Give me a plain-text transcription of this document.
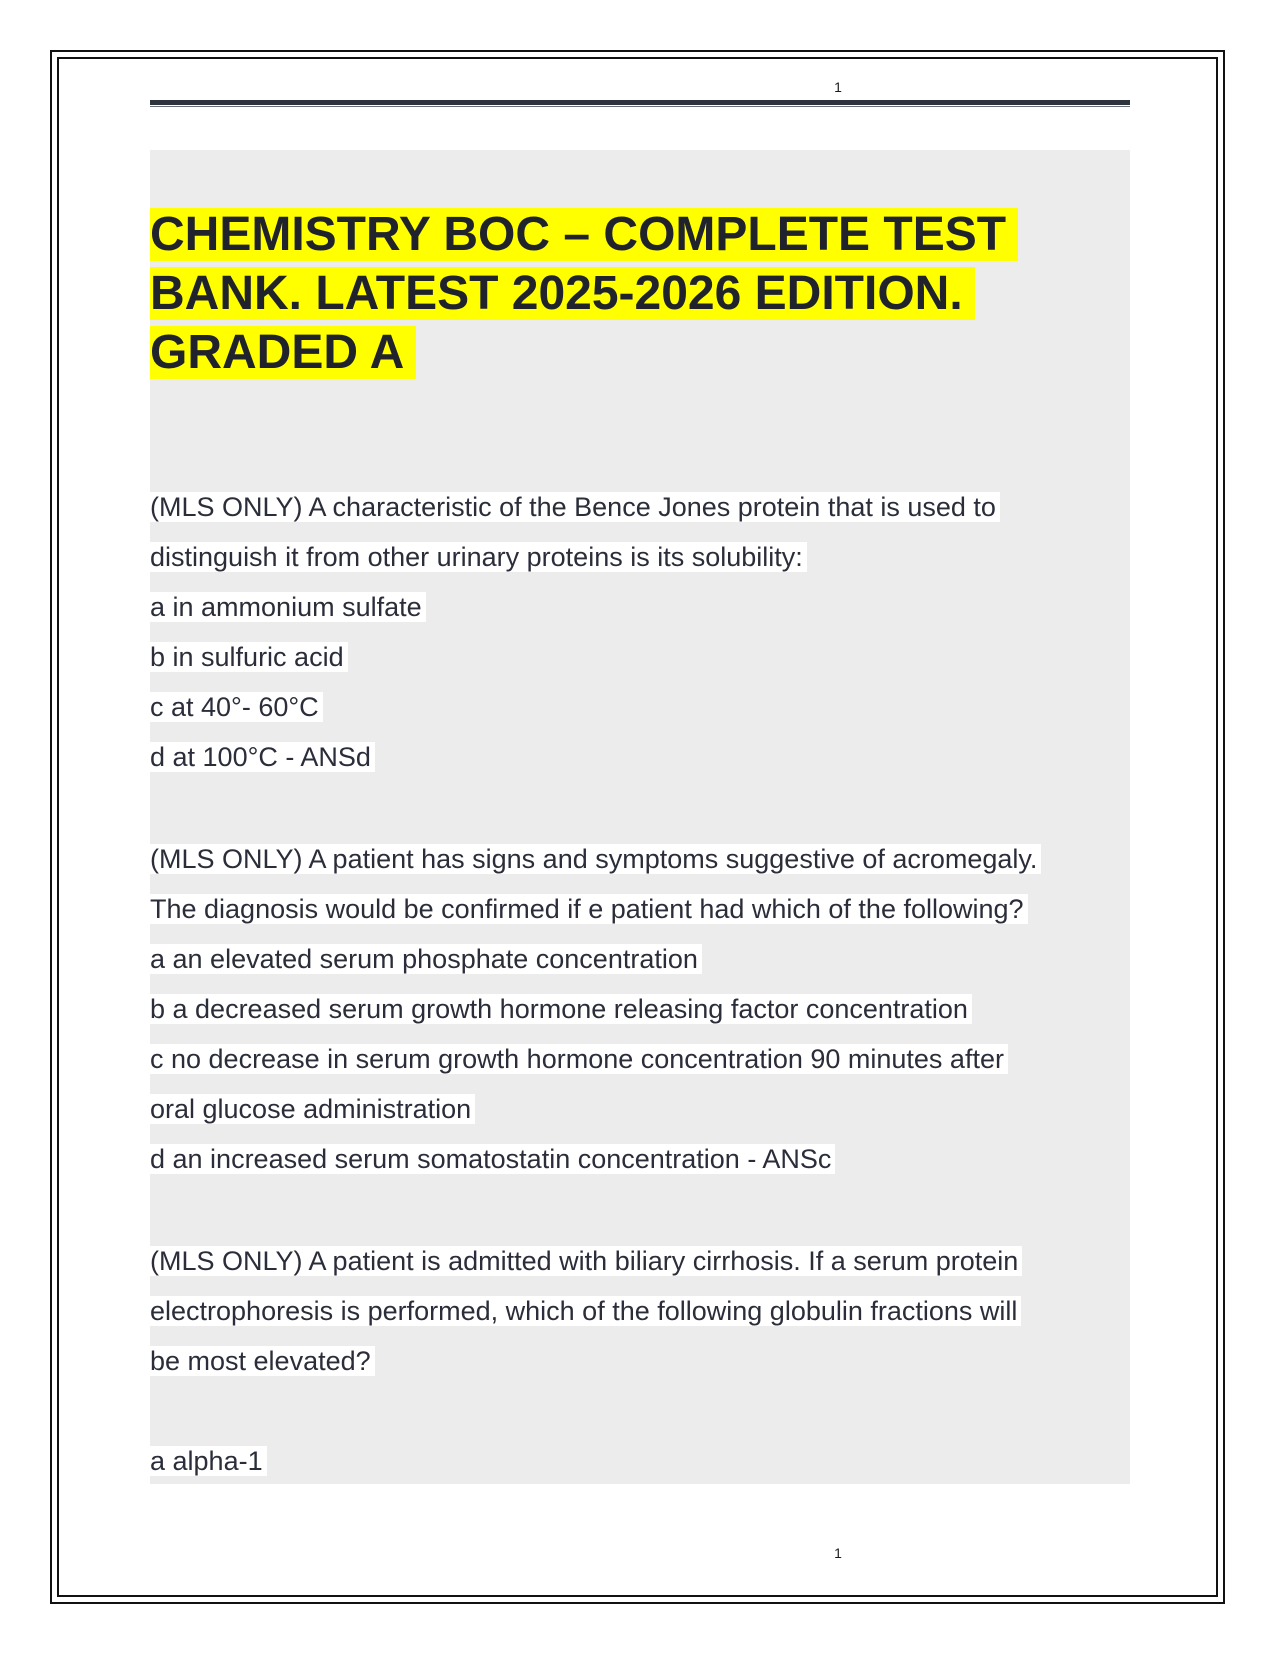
1
CHEMISTRY BOC – COMPLETE TEST
BANK. LATEST 2025-2026 EDITION.
GRADED A
(MLS ONLY) A characteristic of the Bence Jones protein that is used to
distinguish it from other urinary proteins is its solubility:
a in ammonium sulfate
b in sulfuric acid
c at 40°- 60°C
d at 100°C - ANSd
(MLS ONLY) A patient has signs and symptoms suggestive of acromegaly.
The diagnosis would be confirmed if e patient had which of the following?
a an elevated serum phosphate concentration
b a decreased serum growth hormone releasing factor concentration
c no decrease in serum growth hormone concentration 90 minutes after
oral glucose administration
d an increased serum somatostatin concentration - ANSc
(MLS ONLY) A patient is admitted with biliary cirrhosis. If a serum protein
electrophoresis is performed, which of the following globulin fractions will
be most elevated?
a alpha-1
1
